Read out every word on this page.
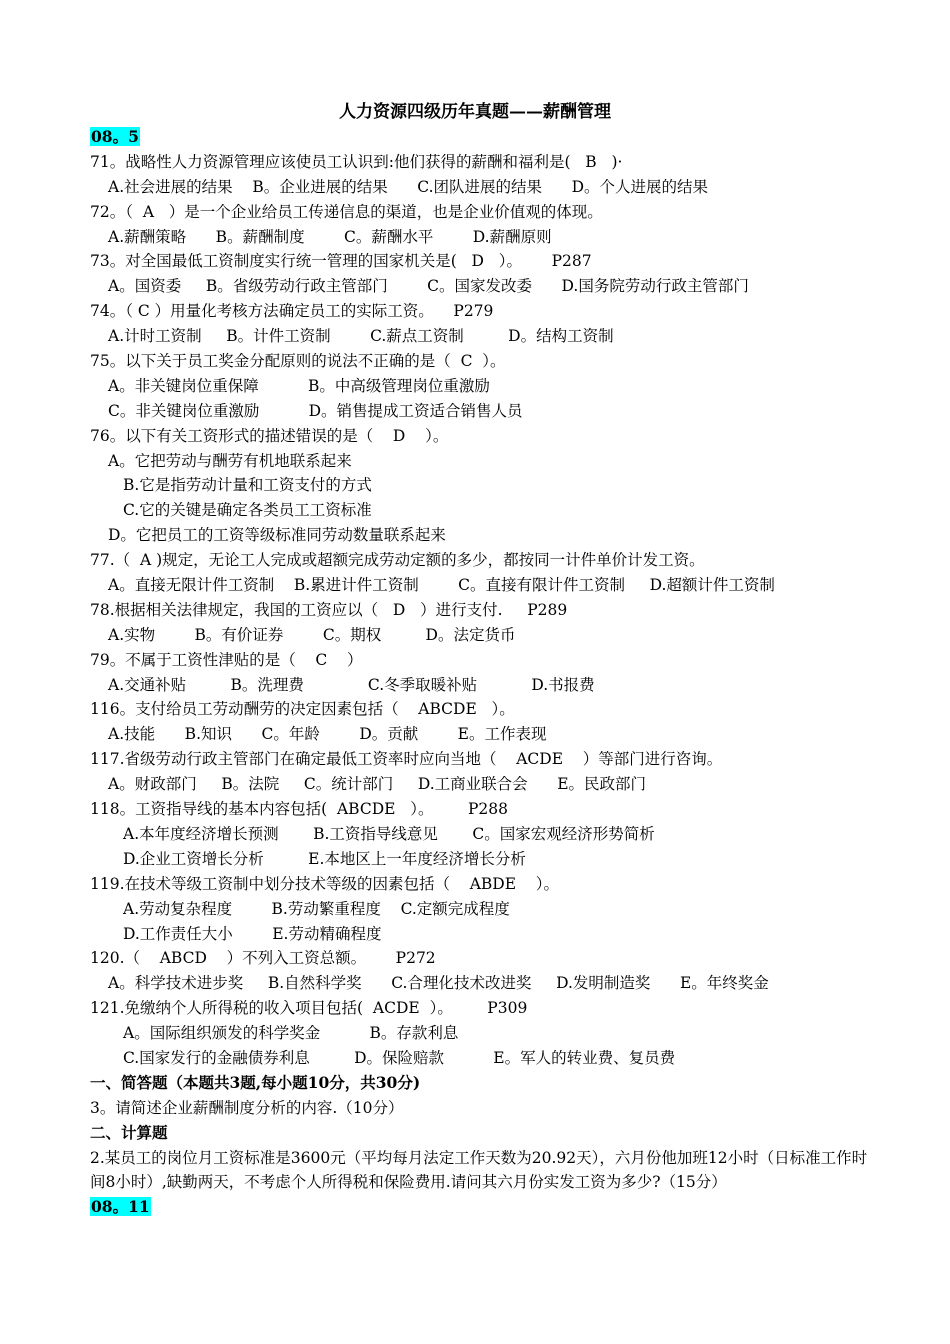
人力资源四级历年真题——薪酬管理
08。5
71。战略性人力资源管理应该使员工认识到:他们获得的薪酬和福利是(   B   )·
A.社会进展的结果    B。企业进展的结果      C.团队进展的结果      D。个人进展的结果
72。（  A   ）是一个企业给员工传递信息的渠道，也是企业价值观的体现。
A.薪酬策略      B。薪酬制度        C。薪酬水平        D.薪酬原则
73。对全国最低工资制度实行统一管理的国家机关是(   D   ）。      P287
A。国资委     B。省级劳动行政主管部门        C。国家发改委      D.国务院劳动行政主管部门
74。（ C ）用量化考核方法确定员工的实际工资。    P279
A.计时工资制     B。计件工资制        C.薪点工资制         D。结构工资制
75。以下关于员工奖金分配原则的说法不正确的是（  C  ）。
A。非关键岗位重保障          B。中高级管理岗位重激励
C。非关键岗位重激励          D。销售提成工资适合销售人员
76。以下有关工资形式的描述错误的是（    D    ）。
A。它把劳动与酬劳有机地联系起来
B.它是指劳动计量和工资支付的方式
C.它的关键是确定各类员工工资标准
D。它把员工的工资等级标准同劳动数量联系起来
77.（  A )规定，无论工人完成或超额完成劳动定额的多少，都按同一计件单价计发工资。
A。直接无限计件工资制    B.累进计件工资制        C。直接有限计件工资制     D.超额计件工资制
78.根据相关法律规定，我国的工资应以（   D   ）进行支付.     P289
A.实物        B。有价证券        C。期权         D。法定货币
79。不属于工资性津贴的是（    C    ）
A.交通补贴         B。洗理费             C.冬季取暖补贴           D.书报费
116。支付给员工劳动酬劳的决定因素包括（    ABCDE   ）。
A.技能      B.知识      C。年龄        D。贡献        E。工作表现
117.省级劳动行政主管部门在确定最低工资率时应向当地（    ACDE    ）等部门进行咨询。
A。财政部门     B。法院     C。统计部门     D.工商业联合会      E。民政部门
118。工资指导线的基本内容包括(  ABCDE   ）。       P288
A.本年度经济增长预测       B.工资指导线意见       C。国家宏观经济形势简析
D.企业工资增长分析         E.本地区上一年度经济增长分析
119.在技术等级工资制中划分技术等级的因素包括（    ABDE    ）。
A.劳动复杂程度        B.劳动繁重程度    C.定额完成程度
D.工作责任大小        E.劳动精确程度
120.（    ABCD    ）不列入工资总额。      P272
A。科学技术进步奖     B.自然科学奖      C.合理化技术改进奖     D.发明制造奖      E。年终奖金
121.免缴纳个人所得税的收入项目包括(  ACDE  ）。       P309
A。国际组织颁发的科学奖金          B。存款利息
C.国家发行的金融债券利息         D。保险赔款          E。军人的转业费、复员费
一、简答题（本题共3题,每小题10分，共30分)
3。请简述企业薪酬制度分析的内容.（10分）
二、计算题
2.某员工的岗位月工资标准是3600元（平均每月法定工作天数为20.92天），六月份他加班12小时（日标准工作时间8小时）,缺勤两天，不考虑个人所得税和保险费用.请问其六月份实发工资为多少?（15分）
08。11
